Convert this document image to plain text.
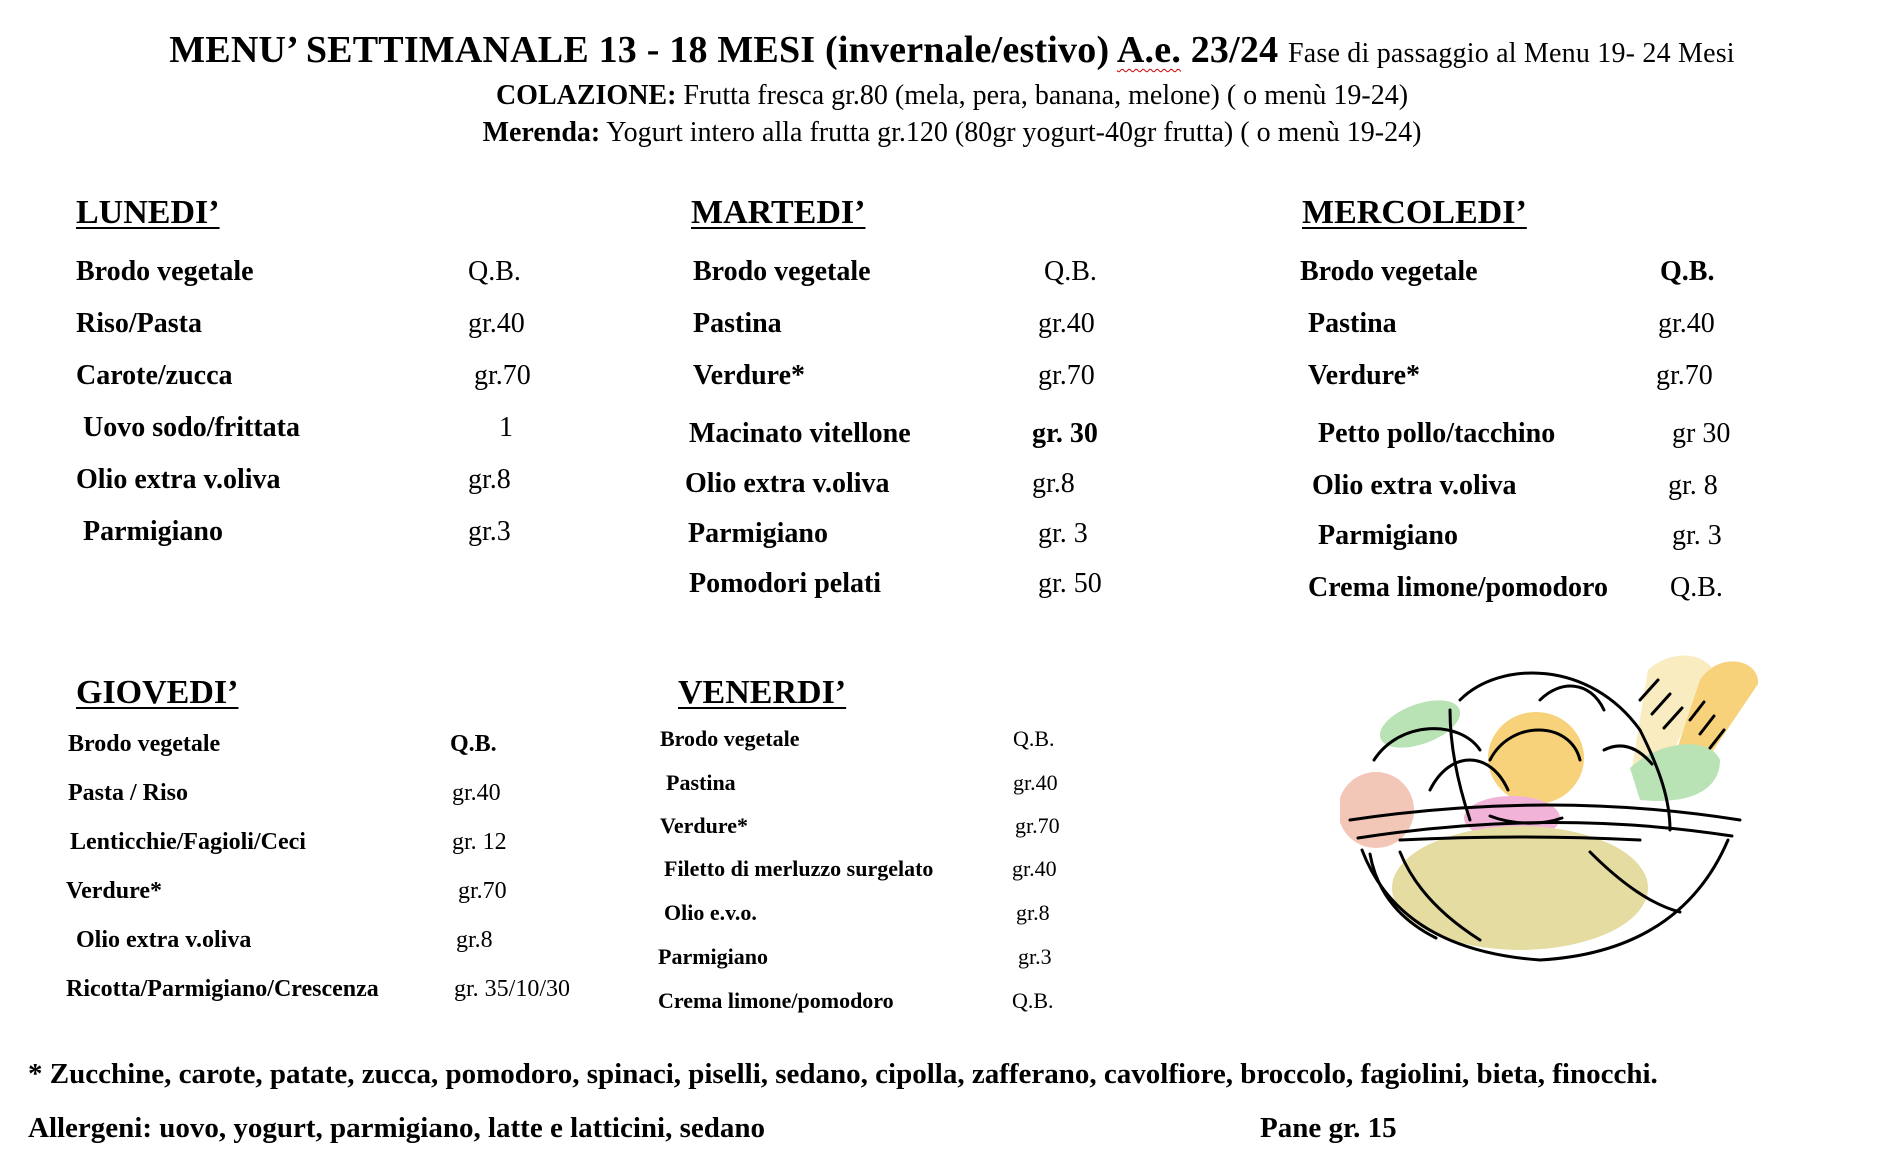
MENU’ SETTIMANALE 13 - 18 MESI (invernale/estivo) A.e. 23/24 Fase di passaggio al Menu 19- 24 Mesi
COLAZIONE: Frutta fresca gr.80 (mela, pera, banana, melone) ( o menù 19-24)
Merenda: Yogurt intero alla frutta gr.120 (80gr yogurt-40gr frutta) ( o menù 19-24)
LUNEDI’
Brodo vegetale	Q.B.
Riso/Pasta	gr.40
Carote/zucca	gr.70
Uovo sodo/frittata	1
Olio extra v.oliva	gr.8
Parmigiano	gr.3
MARTEDI’
Brodo vegetale	Q.B.
Pastina	gr.40
Verdure*	gr.70
Macinato vitellone	gr. 30
Olio extra v.oliva	gr.8
Parmigiano	gr. 3
Pomodori pelati	gr. 50
MERCOLEDI’
Brodo vegetale	Q.B.
Pastina	gr.40
Verdure*	gr.70
Petto pollo/tacchino	gr 30
Olio extra v.oliva	gr. 8
Parmigiano	gr. 3
Crema limone/pomodoro Q.B.
GIOVEDI’
Brodo vegetale	Q.B.
Pasta / Riso	gr.40
Lenticchie/Fagioli/Ceci	gr. 12
Verdure*	gr.70
Olio extra v.oliva	gr.8
Ricotta/Parmigiano/Crescenza	gr. 35/10/30
VENERDI’
Brodo vegetale	Q.B.
Pastina	gr.40
Verdure*	gr.70
Filetto di merluzzo surgelato	gr.40
Olio e.v.o.	gr.8
Parmigiano	gr.3
Crema limone/pomodoro	Q.B.
* Zucchine, carote, patate, zucca, pomodoro, spinaci, piselli, sedano, cipolla, zafferano, cavolfiore, broccolo, fagiolini, bieta, finocchi.
Allergeni: uovo, yogurt, parmigiano, latte e latticini, sedano	Pane gr. 15
